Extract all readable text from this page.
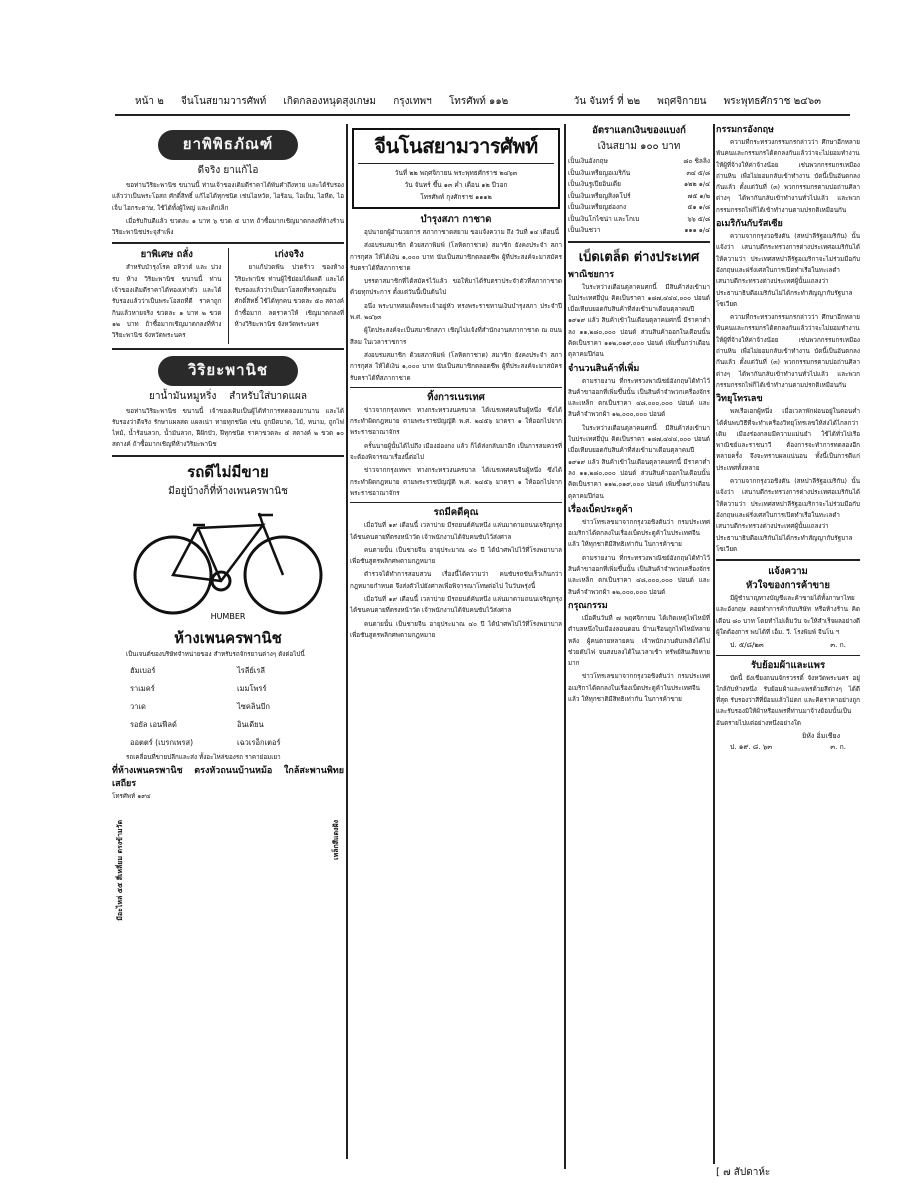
หน้า ๒ จีนโนสยามวารศัพท์ เกิดกลองหนุดสุงเกษม กรุงเทพฯ โทรศัพท์ ๑๑๒	วัน จันทร์ ที่ ๒๒ พฤศจิกายน พระพุทธศักราช ๒๔๖๓
ยาพิพิธภัณฑ์
ดีจริง ยาแก้ไอ

ขอท่านวิริยะพานิช ขนานนี้ ท่านเจ้าของเดิมดีราคาได้พันคำถึงหาย และได้รับรองแล้วว่าเป็นพระโอสถ ศักดิ์สิทธิ์ แก้ไอได้ทุกชนิด เช่นไอหวัด, ไอร้อน, ไอเย็น, ไอหืด, ไอเจ็บ ไอกระดาษ, ใช้ได้ทั้งผู้ใหญ่ และเด็กเล็ก

เมื่อรับกินดีแล้ว ขวดละ ๑ บาท ๖ ขวด ๕ บาท ถ้าซื้อมากเชิญมาตกลงที่ห้างร้าน วิริยะพานิชประจุสำเพ็ง

ยาพิเศษ ถลั่ง

สำหรับบำรุงโรค อหิวาต์ และ บ่วงรบ ห้าง วิริยะพานิช ขนานนี้ ท่านเจ้าของเดิมดีราคาได้ทองเท่าตัว และได้รับรองแล้วว่าเป็นพระโอสถที่ดี ราคาถูก กินแล้วหายจริง ขวดละ ๑ บาท ๒ ขวด ๑๒ บาท ถ้าซื้อมากเชิญมาตกลงที่ห้างวิริยะพานิช จังหวัดพระนคร

เก่งจริง

ยาแก้ปวดฟัน ปวดร้าว ของห้างวิริยะพานิช ท่านผู้ใช้ย่อมได้ผลดี และได้รับรองแล้วว่าเป็นยาโอสถที่ทรงคุณอันศักดิ์สิทธิ์ ใช้ได้ทุกคน ขวดละ ๕๐ สตางค์ ถ้าซื้อมาก ลดราคาให้ เชิญมาตกลงที่ห้างวิริยะพานิช จังหวัดพระนคร

วิริยะพานิช
ยาน้ำมันหมูหริ่ง สำหรับใส่บาดแผล

ขอท่านวิริยะพานิช ขนานนี้ เจ้าของเดิมเป็นผู้ได้ทำการทดลองมานาน และได้รับรองว่าดีจริง รักษาแผลสด แผลเน่า ทายทุกชนิด เช่น ถูกมีดบาด, ไม้, หนาม, ถูกไฟไหม้, น้ำร้อนลวก, น้ำมันลวก, ฝีฝักบัว, ฝีทุกชนิด ราคาขวดละ ๕ สตางค์ ๒ ขวด ๑๐ สตางค์ ถ้าซื้อมากเชิญที่ห้างวิริยะพานิช

รถดีไม่มีขาย
มีอยู่บ้างก็ที่ห้างเพนครพานิช
HUMBER
ห้างเพนครพานิช

เป็นเจนต์ของบริษัทจำหน่ายของ สำหรับรถจักรยานต่างๆ ดังต่อไปนี้

ฮัมเบอร์	ไรลีย์เรลี
ราเมคร์	เมมโพรร์
วาเด	ไซคลินบีก
รอยัล เอนฟีลด์	อินเดียน
ออตตร์ (เบรกเพรส)	เฉวเรอ็กเตอร์

รถเคลื่อนที่ขายปลีกและส่ง ทั้งอะไหล่ของรถ ราคาย่อมเยา

ที่ห้างเพนครพานิช ตรงหัวถนนบ้านหม้อ ใกล้สะพานพิทยเสถียร
โทรศัพท์ ๑๙๔
มีอะไหล่ ๕๕ สี่เหลี่ยม ตรงข้ามวัด	เหล็กสีแดงฝัง
จีนโนสยามวารศัพท์
วันที่ ๒๒ พฤศจิกายน พระพุทธศักราช ๒๔๖๓
วัน จันทร์ ขึ้น ๑๓ ค่ำ เดือน ๑๒ ปีวอก
โทรศัพท์ กุงศักราช ๑๑๑๒
บำรุงสภา กาชาด

อุปนายกผู้อำนวยการ สภากาชาดสยาม ขอแจ้งความ ถึง วันที่ ๑๔ เดือนนี้

ส่งอบรมสมาชิก ด้วยสภาพิมพ์ (โลหิตกาชาด) สมาชิก ยังคงประจำ สภาการกุศล ให้ได้เงิน ๑,๐๐๐ บาท นับเป็นสมาชิกตลอดชีพ ผู้ที่ประสงค์จะมาสมัครรับตราได้ที่สภากาชาด

บรรดาสมาชิกที่ได้สมัครไว้แล้ว ขอให้มาได้รับตราประจำตัวที่สภากาชาด ด้วยทุกประการ ตั้งแต่วันนี้เป็นต้นไป

อนึ่ง พระบาทสมเด็จพระเจ้าอยู่หัว ทรงพระราชทานเงินบำรุงสภา ประจำปี พ.ศ. ๒๔๖๓

ผู้ใดประสงค์จะเป็นสมาชิกสภา เชิญไปแจ้งที่สำนักงานสภากาชาด ณ ถนนสีลม ในเวลาราชการ

ส่งอบรมสมาชิก ด้วยสภาพิมพ์ (โลหิตกาชาด) สมาชิก ยังคงประจำ สภาการกุศล ให้ได้เงิน ๑,๐๐๐ บาท นับเป็นสมาชิกตลอดชีพ ผู้ที่ประสงค์จะมาสมัครรับตราได้ที่สภากาชาด

ทิ้งการเนรเทศ

ข่าวจากกรุงเทพฯ ทางกระทรวงนครบาล ได้เนรเทศคนจีนผู้หนึ่ง ซึ่งได้กระทำผิดกฎหมาย ตามพระราชบัญญัติ พ.ศ. ๒๔๕๖ มาตรา ๑ ให้ออกไปจากพระราชอาณาจักร

ครั้นนายผู้นั้นได้ไปถึง เมืองฮ่องกง แล้ว ก็ได้ส่งกลับมาอีก เป็นการสมควรที่จะต้องพิจารณาเรื่องนี้ต่อไป

ข่าวจากกรุงเทพฯ ทางกระทรวงนครบาล ได้เนรเทศคนจีนผู้หนึ่ง ซึ่งได้กระทำผิดกฎหมาย ตามพระราชบัญญัติ พ.ศ. ๒๔๕๖ มาตรา ๑ ให้ออกไปจากพระราชอาณาจักร

รถมีคดีคุณ

เมื่อวันที่ ๑๙ เดือนนี้ เวลาบ่าย มีรถยนต์คันหนึ่ง แล่นมาตามถนนเจริญกรุง ได้ชนคนตายที่ตรงหน้าวัด เจ้าพนักงานได้จับคนขับไว้ส่งศาล

คนตายนั้น เป็นชายจีน อายุประมาณ ๔๐ ปี ได้นำศพไปไว้ที่โรงพยาบาล เพื่อชันสูตรพลิกศพตามกฎหมาย

ตำรวจได้ทำการสอบสวน เรื่องนี้ได้ความว่า คนขับรถขับเร็วเกินกว่ากฎหมายกำหนด จึงส่งตัวไปยังศาลเพื่อพิจารณาโทษต่อไป ในวันพรุ่งนี้

เมื่อวันที่ ๑๙ เดือนนี้ เวลาบ่าย มีรถยนต์คันหนึ่ง แล่นมาตามถนนเจริญกรุง ได้ชนคนตายที่ตรงหน้าวัด เจ้าพนักงานได้จับคนขับไว้ส่งศาล

คนตายนั้น เป็นชายจีน อายุประมาณ ๔๐ ปี ได้นำศพไปไว้ที่โรงพยาบาล เพื่อชันสูตรพลิกศพตามกฎหมาย

อัตราแลกเงินของแบงก์
เงินสยาม ๑๐๐ บาท
เป็นเงินอังกฤษ	๘๐ ชิลลิง
เป็นเงินเหรียญอเมริกัน	๓๔ ๕/๘
เป็นเงินรูเปียอินเดีย	๑๒๒ ๑/๔
เป็นเงินเหรียญสิงคโปร์	๗๕ ๑/๒
เป็นเงินเหรียญฮ่องกง	๕๑ ๑/๘
เป็นเงินโกไซน่า และโกเบ	๖๖ ๕/๘
เป็นเงินชวา	๑๑๑ ๑/๔
เบ็ดเตล็ด ต่างประเทศ
พาณิชยการ

ในระหว่างเดือนตุลาคมศกนี้ มีสินค้าส่งเข้ามาในประเทศยี่ปุ่น คิดเป็นราคา ๑๘๗,๔๔๔,๐๐๐ ปอนด์ เมื่อเทียบยอดกับสินค้าที่ส่งเข้ามาเดือนตุลาคมปี ๑๙๑๙ แล้ว สินค้าเข้าในเดือนตุลาคมศกนี้ มีราคาต่ำลง ๑๑,๒๘๐,๐๐๐ ปอนด์ ส่วนสินค้าออกในเดือนนั้น คิดเป็นราคา ๑๑๒,๐๑๙,๐๐๐ ปอนด์ เพิ่มขึ้นกว่าเดือนตุลาคมปีก่อน

จำนวนสินค้าที่เพิ่ม

ตามรายงาน ที่กระทรวงพาณิชย์อังกฤษได้ทำไว้ สินค้าขาออกที่เพิ่มขึ้นนั้น เป็นสินค้าจำพวกเครื่องจักร และเหล็ก ตกเป็นราคา ๔๘,๐๐๐,๐๐๐ ปอนด์ และสินค้าจำพวกผ้า ๑๒,๐๐๐,๐๐๐ ปอนด์

ในระหว่างเดือนตุลาคมศกนี้ มีสินค้าส่งเข้ามาในประเทศยี่ปุ่น คิดเป็นราคา ๑๘๗,๔๔๔,๐๐๐ ปอนด์ เมื่อเทียบยอดกับสินค้าที่ส่งเข้ามาเดือนตุลาคมปี ๑๙๑๙ แล้ว สินค้าเข้าในเดือนตุลาคมศกนี้ มีราคาต่ำลง ๑๑,๒๘๐,๐๐๐ ปอนด์ ส่วนสินค้าออกในเดือนนั้น คิดเป็นราคา ๑๑๒,๐๑๙,๐๐๐ ปอนด์ เพิ่มขึ้นกว่าเดือนตุลาคมปีก่อน

เรื่องเบ็ดประตูค้า

ข่าวโทรเลขมาจากกรุงวอชิงตันว่า กรมประเทศอเมริกาได้ตกลงในเรื่องเบ็ดประตูค้าในประเทศจีนแล้ว ให้ทุกชาติมีสิทธิเท่ากัน ในการค้าขาย

ตามรายงาน ที่กระทรวงพาณิชย์อังกฤษได้ทำไว้ สินค้าขาออกที่เพิ่มขึ้นนั้น เป็นสินค้าจำพวกเครื่องจักร และเหล็ก ตกเป็นราคา ๔๘,๐๐๐,๐๐๐ ปอนด์ และสินค้าจำพวกผ้า ๑๒,๐๐๐,๐๐๐ ปอนด์

กรุณกรรม

เมื่อคืนวันที่ ๗ พฤศจิกายน ได้เกิดเหตุไฟไหม้ที่ตำบลหนึ่งในเมืองลอนดอน บ้านเรือนถูกไฟไหม้หลายหลัง ผู้คนตายหลายคน เจ้าพนักงานดับเพลิงได้ไปช่วยดับไฟ จนสงบลงได้ในเวลาเช้า ทรัพย์สินเสียหายมาก

ข่าวโทรเลขมาจากกรุงวอชิงตันว่า กรมประเทศอเมริกาได้ตกลงในเรื่องเบ็ดประตูค้าในประเทศจีนแล้ว ให้ทุกชาติมีสิทธิเท่ากัน ในการค้าขาย

กรรมกรอังกฤษ

ความที่กระทรวงกรรมกรกล่าวว่า ศึกษาอีกหลายพันคนและกรรมกรได้ตกลงกันแล้วว่าจะไม่ยอมทำงาน ให้ผู้ที่จ้างให้ค่าจ้างน้อย เช่นพวกกรรมกรเหมืองถ่านหิน เพื่อไม่ยอมกลับเข้าทำงาน บัดนี้เป็นอันตกลงกันแล้ว ตั้งแต่วันที่ (๓) พวกกรรมกรตามบ่อถ่านศิลาต่างๆ ได้พากันกลับเข้าทำงานทั่วไปแล้ว และพวกกรรมกรรถไฟก็ได้เข้าทำงานตามปรกติเหมือนกัน

อเมริกันกับรัสเซีย

ความจากกรุงวอชิงตัน (สหปาลีรัฐอเมริกัน) นั้นแจ้งว่า เสนาบดีกระทรวงการต่างประเทศอเมริกันได้ให้ความว่า ประเทศสหปาลีรัฐอเมริกาจะไม่ร่วมมือกับอังกฤษและฝรั่งเศสในการเปิดทำเรือในทะเลดำ เสนาบดีกระทรวงต่างประเทศผู้นั้นแถลงว่า ประธานาธิบดีอเมริกันไม่ได้กระทำสัญญากับรัฐบาลโซเวียต

ความที่กระทรวงกรรมกรกล่าวว่า ศึกษาอีกหลายพันคนและกรรมกรได้ตกลงกันแล้วว่าจะไม่ยอมทำงาน ให้ผู้ที่จ้างให้ค่าจ้างน้อย เช่นพวกกรรมกรเหมืองถ่านหิน เพื่อไม่ยอมกลับเข้าทำงาน บัดนี้เป็นอันตกลงกันแล้ว ตั้งแต่วันที่ (๓) พวกกรรมกรตามบ่อถ่านศิลาต่างๆ ได้พากันกลับเข้าทำงานทั่วไปแล้ว และพวกกรรมกรรถไฟก็ได้เข้าทำงานตามปรกติเหมือนกัน

วิทยุโทรเลข

พลเรือเอกผู้หนึ่ง เมื่อเวลาพักผ่อนอยู่ในตอนค่ำ ได้ค้นพบวิธีที่จะทำเครื่องวิทยุโทรเลขให้ส่งได้ไกลกว่าเดิม เมืองร่องกลมมีความแม่นยำ ใช้ได้ทั่วไปเรือพาณิชย์และราชนาวี ต้องการจะทำการทดลองอีกหลายครั้ง จึงจะทราบผลแน่นอน ทั้งนี้เป็นการดีแก่ประเทศทั้งหลาย

ความจากกรุงวอชิงตัน (สหปาลีรัฐอเมริกัน) นั้นแจ้งว่า เสนาบดีกระทรวงการต่างประเทศอเมริกันได้ให้ความว่า ประเทศสหปาลีรัฐอเมริกาจะไม่ร่วมมือกับอังกฤษและฝรั่งเศสในการเปิดทำเรือในทะเลดำ เสนาบดีกระทรวงต่างประเทศผู้นั้นแถลงว่า ประธานาธิบดีอเมริกันไม่ได้กระทำสัญญากับรัฐบาลโซเวียต

แจ้งความ
หัวใจของการค้าขาย

มีผู้ชำนาญทางบัญชีและค้าขายได้ทั้งภาษาไทย และอังกฤษ คอยทำการค้ากับบริษัท หรือห้างร้าน คิดเดือน ๘๐ บาท โดยทำไม่เต็มวัน จะให้สำเร็จผลอย่างดี ผู้ใดต้องการ พบได้ที่ เอ็ม. วี. โรงพิมพ์ จีนโน ฯ

ป. ๕/๘/๒๓	๓. ก.
รับย้อมผ้าและแพร

บัดนี้ ยังเชี่ยงถนนจักรวรรดิ์ จังหวัดพระนคร อยู่ใกล้กับห้างหนึ่ง รับย้อมผ้าและแพรด้วยสีต่างๆ ได้ดีที่สุด รับรองว่าสีที่ย้อมแล้วไม่ตก และคิดราคาอย่างถูก และรับรองมิให้ผ้าหรือแพรที่ท่านมาจ้างย้อมนั้นเป็นอันตรายไปแต่อย่างหนึ่งอย่างใด

ยิหัง อิ่มเชียง
ป. ๑๙. ๘. ๖๓	๓. ก.
[ ๗ สัปดาห์ะ
